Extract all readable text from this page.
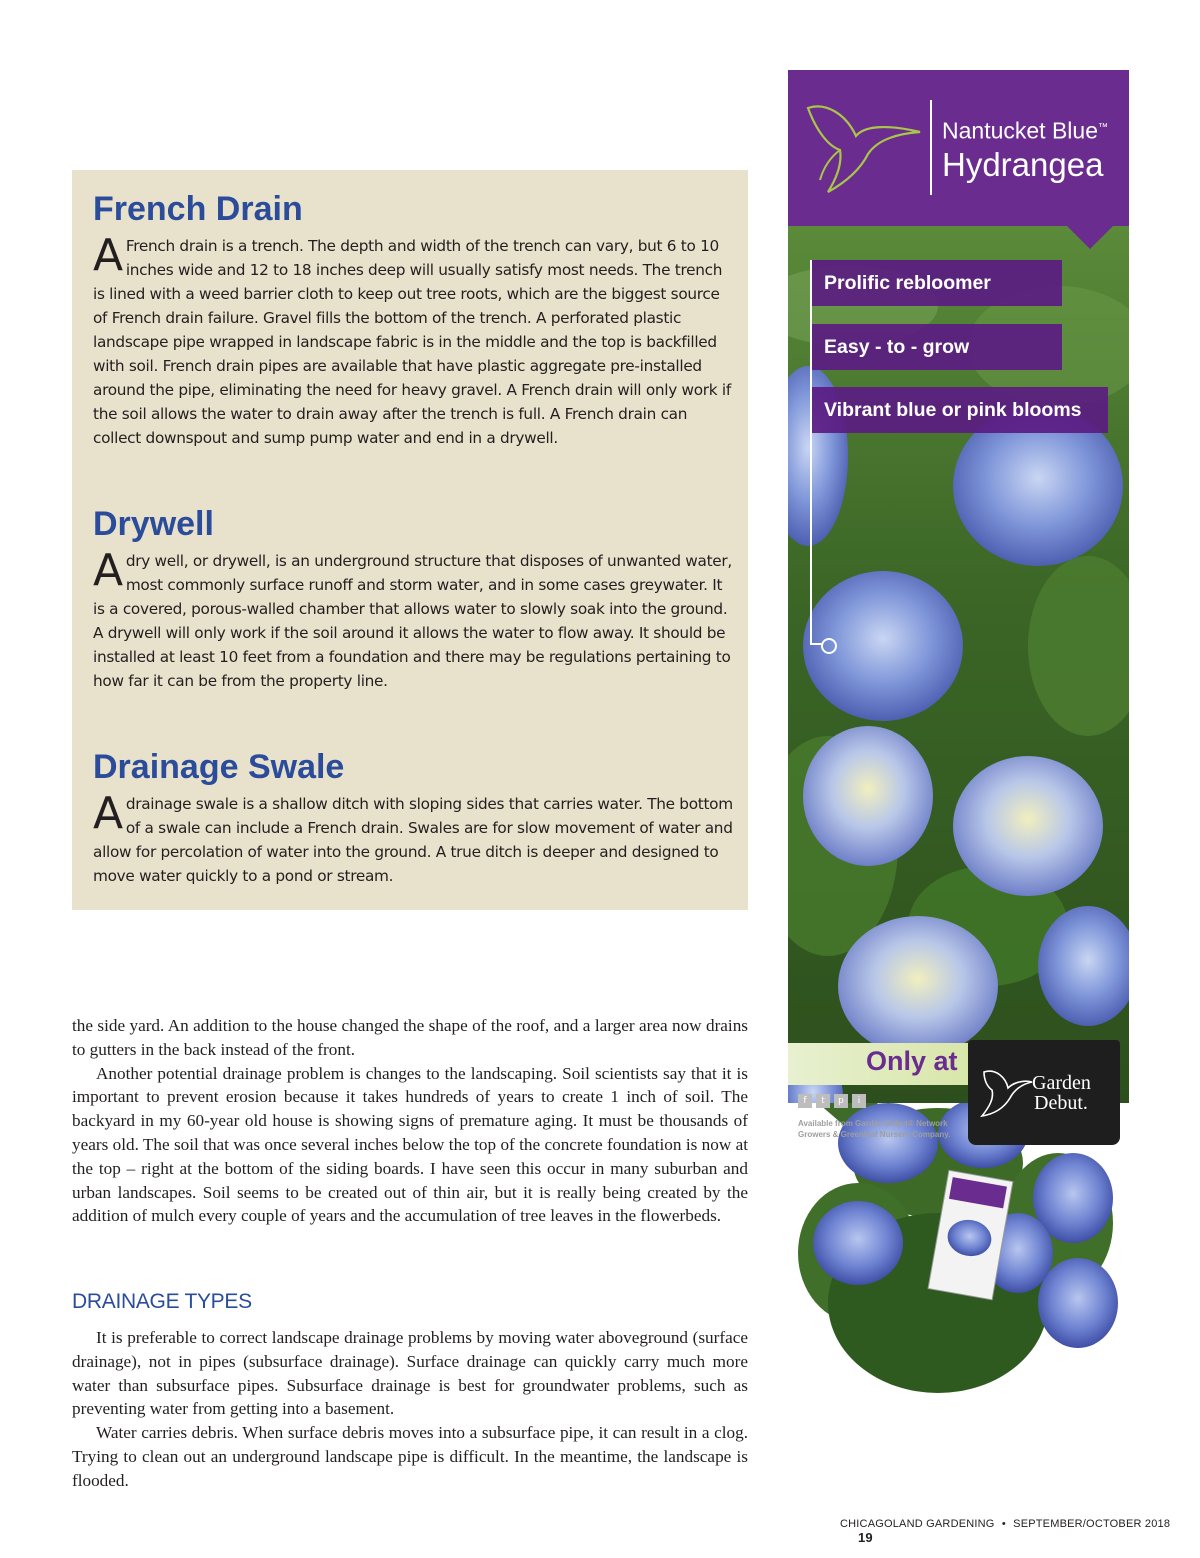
French Drain

A French drain is a trench. The depth and width of the trench can vary, but 6 to 10 inches wide and 12 to 18 inches deep will usually satisfy most needs. The trench is lined with a weed barrier cloth to keep out tree roots, which are the biggest source of French drain failure. Gravel fills the bottom of the trench. A perforated plastic landscape pipe wrapped in landscape fabric is in the middle and the top is backfilled with soil. French drain pipes are available that have plastic aggregate pre-installed around the pipe, eliminating the need for heavy gravel. A French drain will only work if the soil allows the water to drain away after the trench is full. A French drain can collect downspout and sump pump water and end in a drywell.

Drywell

A dry well, or drywell, is an underground structure that disposes of unwanted water, most commonly surface runoff and storm water, and in some cases greywater. It is a covered, porous-walled chamber that allows water to slowly soak into the ground. A drywell will only work if the soil around it allows the water to flow away. It should be installed at least 10 feet from a foundation and there may be regulations pertaining to how far it can be from the property line.

Drainage Swale

A drainage swale is a shallow ditch with sloping sides that carries water. The bottom of a swale can include a French drain. Swales are for slow movement of water and allow for percolation of water into the ground. A true ditch is deeper and designed to move water quickly to a pond or stream.

the side yard. An addition to the house changed the shape of the roof, and a larger area now drains to gutters in the back instead of the front.
Another potential drainage problem is changes to the landscaping. Soil scientists say that it is important to prevent erosion because it takes hundreds of years to create 1 inch of soil. The backyard in my 60-year old house is showing signs of premature aging. It must be thousands of years old. The soil that was once several inches below the top of the concrete foundation is now at the top – right at the bottom of the siding boards. I have seen this occur in many suburban and urban landscapes. Soil seems to be created out of thin air, but it is really being created by the addition of mulch every couple of years and the accumulation of tree leaves in the flowerbeds.

DRAINAGE TYPES

It is preferable to correct landscape drainage problems by moving water aboveground (surface drainage), not in pipes (subsurface drainage). Surface drainage can quickly carry much more water than subsurface pipes. Subsurface drainage is best for groundwater problems, such as preventing water from getting into a basement.
Water carries debris. When surface debris moves into a subsurface pipe, it can result in a clog. Trying to clean out an underground landscape pipe is difficult. In the meantime, the landscape is flooded.

Nantucket Blue™
Hydrangea
Prolific rebloomer
Easy - to - grow
Vibrant blue or pink blooms
Only at
Garden
Debut.
f	t	p	i
Available from Garden Debut® Network Growers & Greenleaf Nursery Company.
CHICAGOLAND GARDENING • SEPTEMBER/OCTOBER 2018 19
